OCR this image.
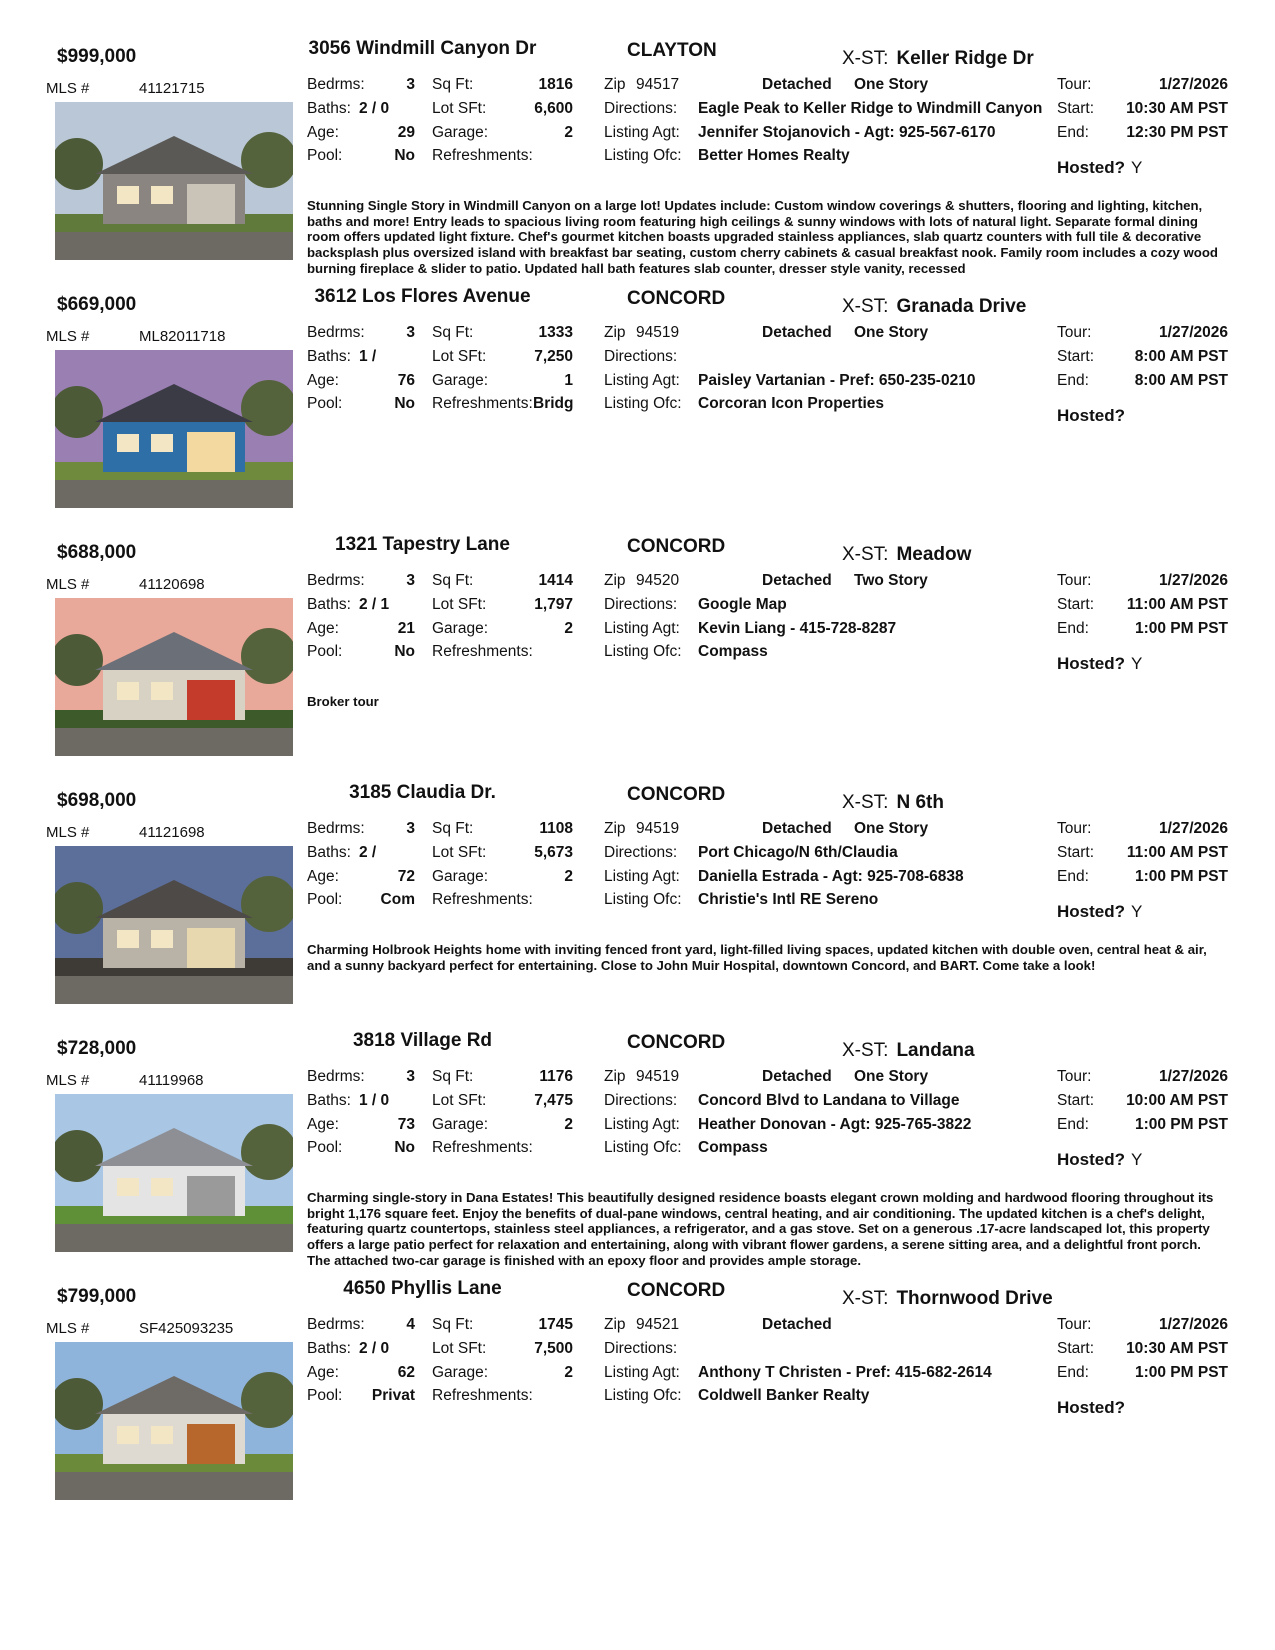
$999,000
MLS #	41121715
3056 Windmill Canyon Dr	CLAYTON	X-ST: Keller Ridge Dr
Bedrms:	3 Sq Ft:	1816 Zip 94517	Detached One Story	Tour:	1/27/2026
Baths: 2 / 0	Lot SFt:	6,600 Directions: Eagle Peak to Keller Ridge to Windmill Canyon Start:	10:30 AM PST
Age:	29 Garage:	2 Listing Agt: Jennifer Stojanovich - Agt: 925-567-6170	End:	12:30 PM PST
Pool:	No Refreshments:	Listing Ofc: Better Homes Realty
Hosted? Y
Stunning Single Story in Windmill Canyon on a large lot! Updates include: Custom window coverings & shutters, flooring and lighting, kitchen, baths and more! Entry leads to spacious living room featuring high ceilings & sunny windows with lots of natural light. Separate formal dining room offers updated light fixture. Chef's gourmet kitchen boasts upgraded stainless appliances, slab quartz counters with full tile & decorative backsplash plus oversized island with breakfast bar seating, custom cherry cabinets & casual breakfast nook. Family room includes a cozy wood burning fireplace & slider to patio. Updated hall bath features slab counter, dresser style vanity, recessed
$669,000
MLS #	ML82011718
3612 Los Flores Avenue	CONCORD	X-ST: Granada Drive
Bedrms:	3 Sq Ft:	1333 Zip 94519	Detached One Story	Tour:	1/27/2026
Baths: 1 /	Lot SFt:	7,250 Directions:	Start:	8:00 AM PST
Age:	76 Garage:	1 Listing Agt: Paisley Vartanian - Pref: 650-235-0210	End:	8:00 AM PST
Pool:	No Refreshments: Bridg Listing Ofc: Corcoran Icon Properties
Hosted?
$688,000
MLS #	41120698
1321 Tapestry Lane	CONCORD	X-ST: Meadow
Bedrms:	3 Sq Ft:	1414 Zip 94520	Detached Two Story	Tour:	1/27/2026
Baths: 2 / 1	Lot SFt:	1,797 Directions: Google Map	Start:	11:00 AM PST
Age:	21 Garage:	2 Listing Agt: Kevin Liang - 415-728-8287	End:	1:00 PM PST
Pool:	No Refreshments:	Listing Ofc: Compass
Hosted? Y
Broker tour
$698,000
MLS #	41121698
3185 Claudia Dr.	CONCORD	X-ST: N 6th
Bedrms:	3 Sq Ft:	1108 Zip 94519	Detached One Story	Tour:	1/27/2026
Baths: 2 /	Lot SFt:	5,673 Directions: Port Chicago/N 6th/Claudia	Start:	11:00 AM PST
Age:	72 Garage:	2 Listing Agt: Daniella Estrada - Agt: 925-708-6838	End:	1:00 PM PST
Pool:	Com Refreshments:	Listing Ofc: Christie's Intl RE Sereno
Hosted? Y
Charming Holbrook Heights home with inviting fenced front yard, light-filled living spaces, updated kitchen with double oven, central heat & air, and a sunny backyard perfect for entertaining. Close to John Muir Hospital, downtown Concord, and BART. Come take a look!
$728,000
MLS #	41119968
3818 Village Rd	CONCORD	X-ST: Landana
Bedrms:	3 Sq Ft:	1176 Zip 94519	Detached One Story	Tour:	1/27/2026
Baths: 1 / 0	Lot SFt:	7,475 Directions: Concord Blvd to Landana to Village	Start:	10:00 AM PST
Age:	73 Garage:	2 Listing Agt: Heather Donovan - Agt: 925-765-3822	End:	1:00 PM PST
Pool:	No Refreshments:	Listing Ofc: Compass
Hosted? Y
Charming single-story in Dana Estates! This beautifully designed residence boasts elegant crown molding and hardwood flooring throughout its bright 1,176 square feet. Enjoy the benefits of dual-pane windows, central heating, and air conditioning. The updated kitchen is a chef's delight, featuring quartz countertops, stainless steel appliances, a refrigerator, and a gas stove. Set on a generous .17-acre landscaped lot, this property offers a large patio perfect for relaxation and entertaining, along with vibrant flower gardens, a serene sitting area, and a delightful front porch. The attached two-car garage is finished with an epoxy floor and provides ample storage.
$799,000
MLS #	SF425093235
4650 Phyllis Lane	CONCORD	X-ST: Thornwood Drive
Bedrms:	4 Sq Ft:	1745 Zip 94521	Detached	Tour:	1/27/2026
Baths: 2 / 0	Lot SFt:	7,500 Directions:	Start:	10:30 AM PST
Age:	62 Garage:	2 Listing Agt: Anthony T Christen - Pref: 415-682-2614	End:	1:00 PM PST
Pool:	Privat Refreshments:	Listing Ofc: Coldwell Banker Realty
Hosted?
